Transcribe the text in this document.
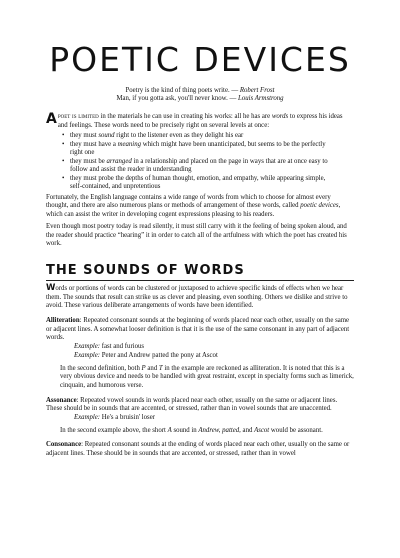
POETIC DEVICES
Poetry is the kind of thing poets write. — Robert Frost
Man, if you gotta ask, you'll never know. — Louis Armstrong

Apoet is limited in the materials he can use in creating his works: all he has are words to express his ideas and feelings. These words need to be precisely right on several levels at once:

• they must sound right to the listener even as they delight his ear
• they must have a meaning which might have been unanticipated, but seems to be the perfectly right one
• they must be arranged in a relationship and placed on the page in ways that are at once easy to follow and assist the reader in understanding
• they must probe the depths of human thought, emotion, and empathy, while appearing simple, self-contained, and unpretentious

Fortunately, the English language contains a wide range of words from which to choose for almost every thought, and there are also numerous plans or methods of arrangement of these words, called poetic devices, which can assist the writer in developing cogent expressions pleasing to his readers.

Even though most poetry today is read silently, it must still carry with it the feeling of being spoken aloud, and the reader should practice “hearing” it in order to catch all of the artfulness with which the poet has created his work.

THE SOUNDS OF WORDS

Words or portions of words can be clustered or juxtaposed to achieve specific kinds of effects when we hear them. The sounds that result can strike us as clever and pleasing, even soothing. Others we dislike and strive to avoid. These various deliberate arrangements of words have been identified.

Alliteration: Repeated consonant sounds at the beginning of words placed near each other, usually on the same or adjacent lines. A somewhat looser definition is that it is the use of the same consonant in any part of adjacent words.

Example: fast and furious
Example: Peter and Andrew patted the pony at Ascot

In the second definition, both P and T in the example are reckoned as alliteration. It is noted that this is a very obvious device and needs to be handled with great restraint, except in specialty forms such as limerick, cinquain, and humorous verse.

Assonance: Repeated vowel sounds in words placed near each other, usually on the same or adjacent lines. These should be in sounds that are accented, or stressed, rather than in vowel sounds that are unaccented.

Example: He's a bruisin' loser

In the second example above, the short A sound in Andrew, patted, and Ascot would be assonant.

Consonance: Repeated consonant sounds at the ending of words placed near each other, usually on the same or adjacent lines. These should be in sounds that are accented, or stressed, rather than in vowel
